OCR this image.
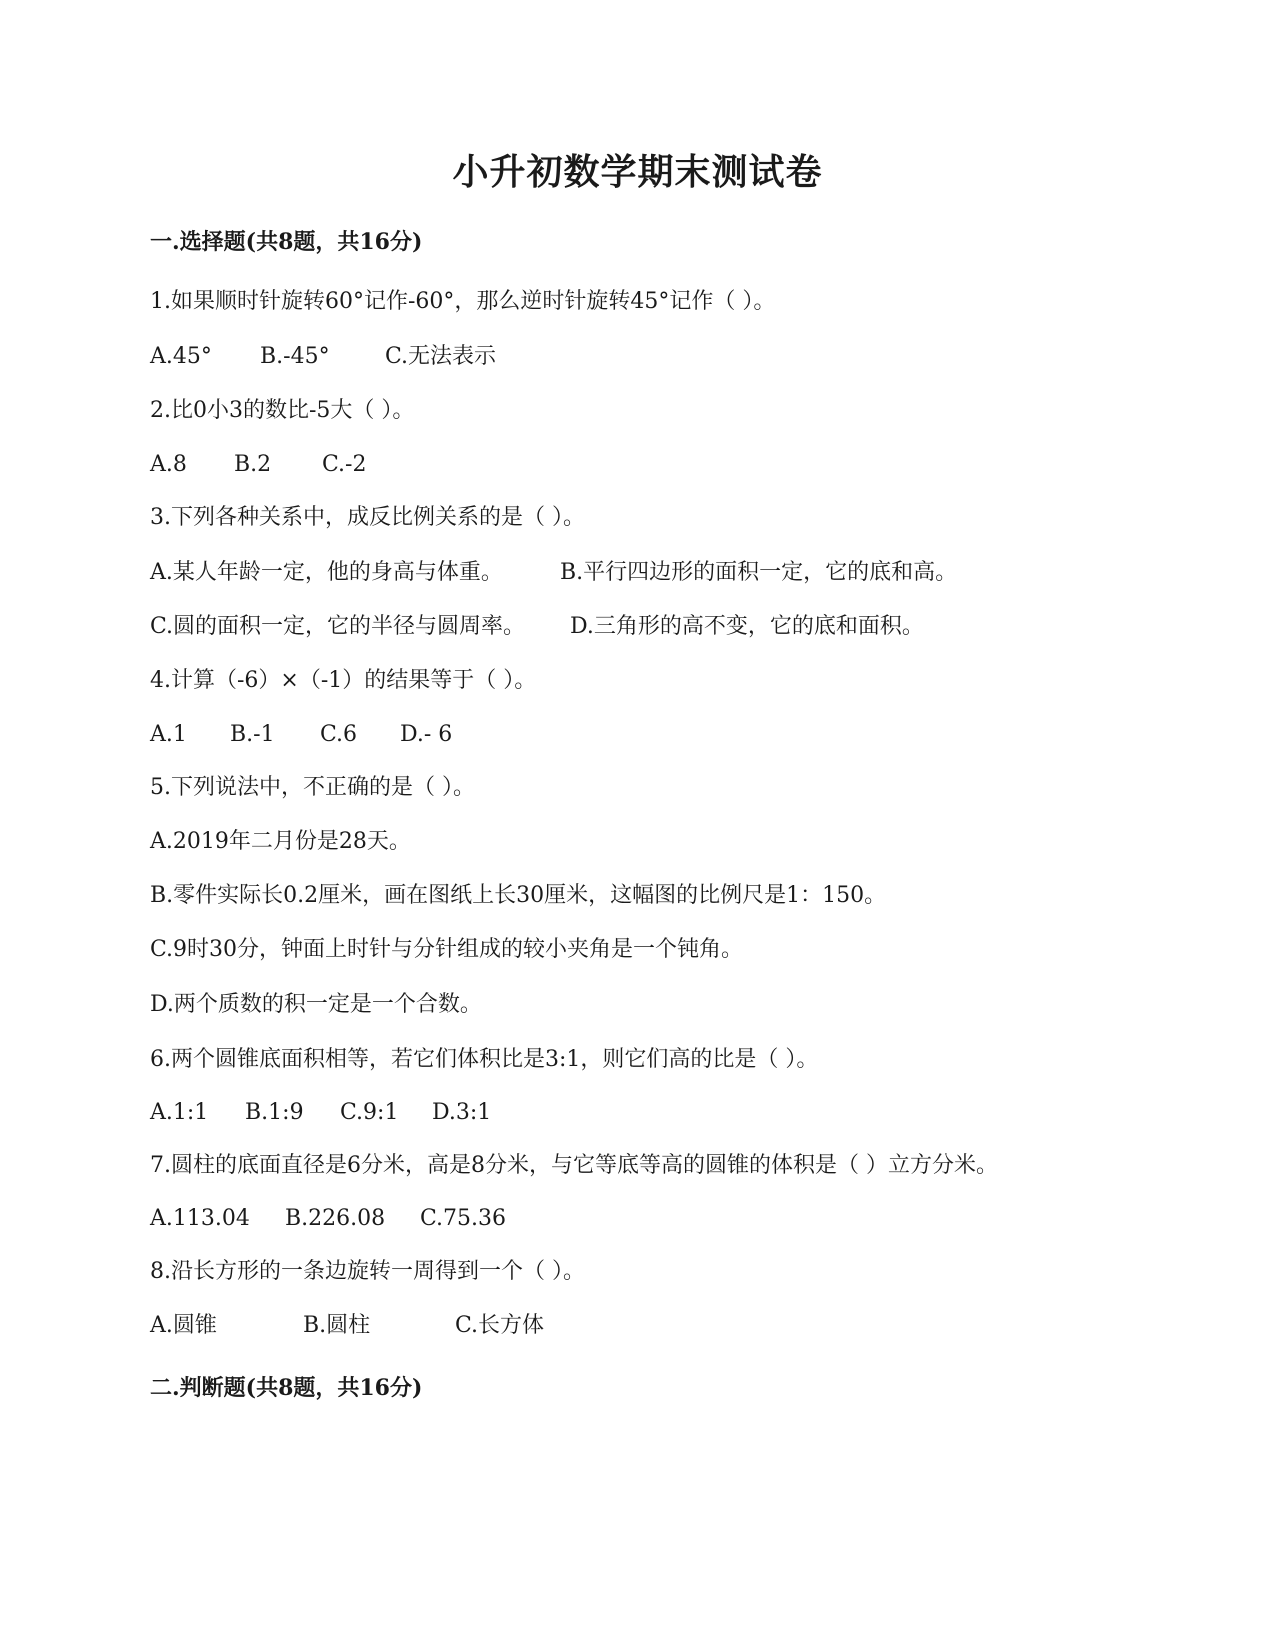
小升初数学期末测试卷
一.选择题(共8题，共16分)
1.如果顺时针旋转60°记作-60°，那么逆时针旋转45°记作（ ）。
A.45° B.-45°	C.无法表示
2.比0小3的数比-5大（ ）。
A.8 B.2 C.-2
3.下列各种关系中，成反比例关系的是（ ）。
A.某人年龄一定，他的身高与体重。	B.平行四边形的面积一定，它的底和高。
C.圆的面积一定，它的半径与圆周率。 D.三角形的高不变，它的底和面积。
4.计算（-6）×（-1）的结果等于（ ）。
A.1 B.-1 C.6 D.- 6
5.下列说法中，不正确的是（ ）。
A.2019年二月份是28天。
B.零件实际长0.2厘米，画在图纸上长30厘米，这幅图的比例尺是1：150。
C.9时30分，钟面上时针与分针组成的较小夹角是一个钝角。
D.两个质数的积一定是一个合数。
6.两个圆锥底面积相等，若它们体积比是3:1，则它们高的比是（ ）。
A.1:1 B.1:9 C.9:1 D.3:1
7.圆柱的底面直径是6分米，高是8分米，与它等底等高的圆锥的体积是（ ）立方分米。
A.113.04 B.226.08 C.75.36
8.沿长方形的一条边旋转一周得到一个（ ）。
A.圆锥	B.圆柱	C.长方体
二.判断题(共8题，共16分)
